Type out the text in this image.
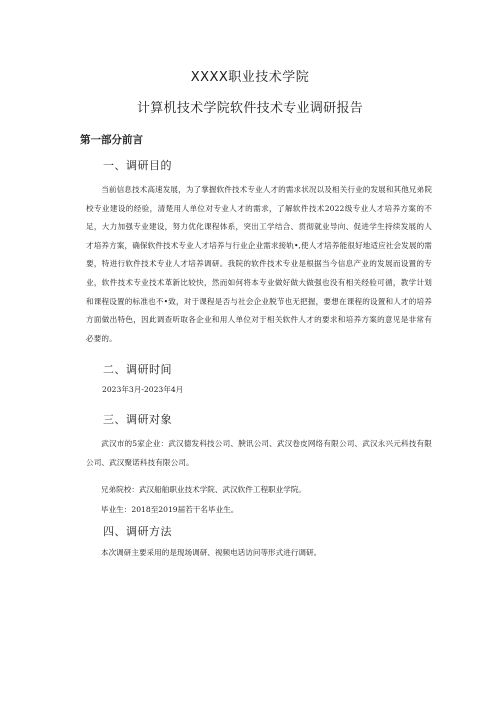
XXXX职业技术学院
计算机技术学院软件技术专业调研报告
第一部分前言
一、调研目的
当前信息技术高速发展，为了掌握软件技术专业人才的需求状况以及相关行业的发展和其他兄弟院校专业建设的经验，清楚用人单位对专业人才的需求，了解软件技术2022级专业人才培养方案的不足，大力加强专业建设，努力优化课程体系，突出工学结合、贯彻就业导向、促进学生持续发展的人才培养方案，确保软件技术专业人才培养与行业企业需求接轨•,使人才培养能很好地适应社会发展的需要，特进行软件技术专业人才培养调研。我院的软件技术专业是根据当今信息产业的发展而设置的专业，软件技术专业技术革新比较快，然而如何将本专业做好做大做强也没有相关经验可循，教学计划和课程设置的标准也不•致，对于课程是否与社会企业脱节也无把握，要想在课程的设置和人才的培养方面做出特色，因此调查听取各企业和用人单位对于相关软件人才的要求和培养方案的意见是非常有必要的。
二、调研时间
2023年3月-2023年4月
三、调研对象
武汉市的5家企业：武汉德发科技公司、腴讯公司、武汉卷皮网络有限公司、武汉永兴元科技有限公司、武汉聚诺科技有限公司。
兄弟院校：武汉船舶职业技术学院、武汉软件工程职业学院。
毕业生：2018至2019届若干名毕业生。
四、调研方法
本次调研主要采用的是现场调研、视频电话访问等形式进行调研。
